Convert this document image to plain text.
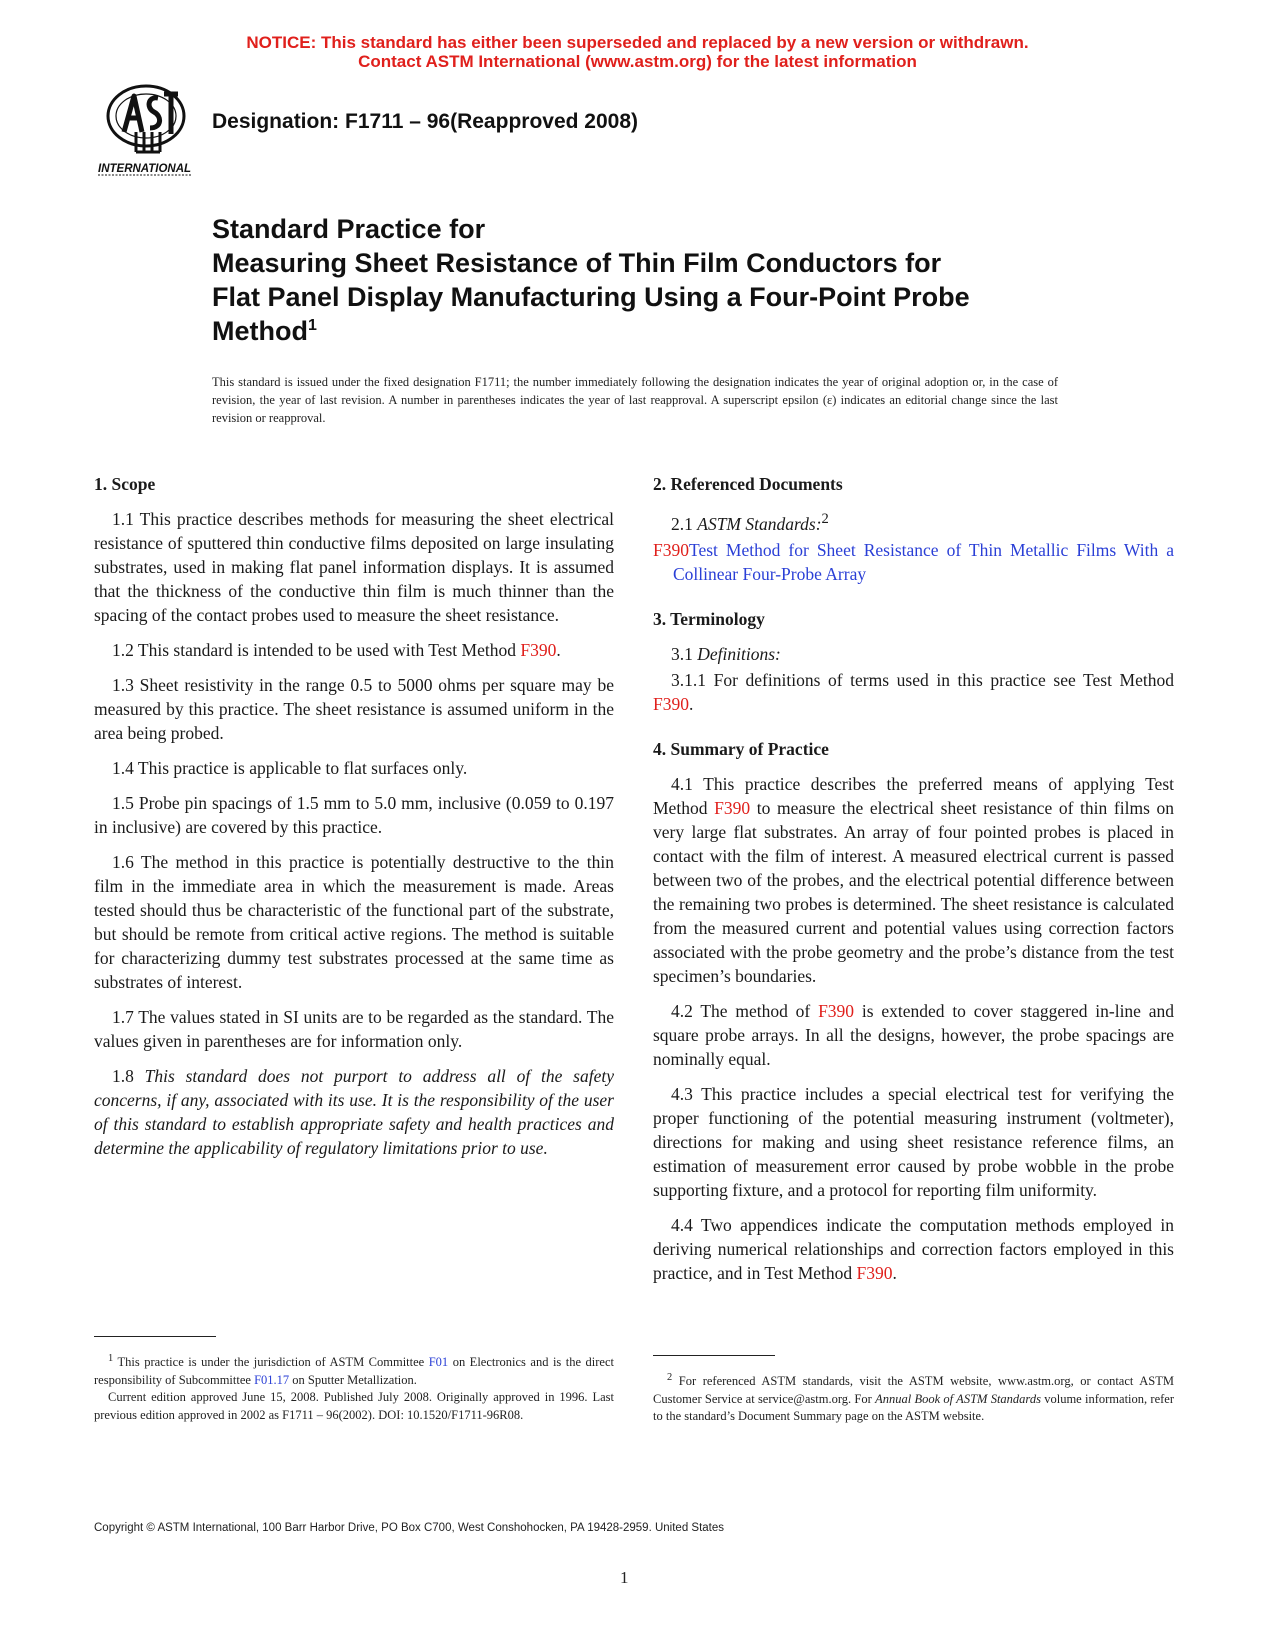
NOTICE: This standard has either been superseded and replaced by a new version or withdrawn.
Contact ASTM International (www.astm.org) for the latest information
INTERNATIONAL
Designation: F1711 – 96(Reapproved 2008)
Standard Practice for
Measuring Sheet Resistance of Thin Film Conductors for
Flat Panel Display Manufacturing Using a Four-Point Probe
Method$^1$
This standard is issued under the fixed designation F1711; the number immediately following the designation indicates the year of original adoption or, in the case of revision, the year of last revision. A number in parentheses indicates the year of last reapproval. A superscript epsilon (ε) indicates an editorial change since the last revision or reapproval.
1. Scope

1.1 This practice describes methods for measuring the sheet electrical resistance of sputtered thin conductive films deposited on large insulating substrates, used in making flat panel information displays. It is assumed that the thickness of the conductive thin film is much thinner than the spacing of the contact probes used to measure the sheet resistance.

1.2 This standard is intended to be used with Test Method F390.

1.3 Sheet resistivity in the range 0.5 to 5000 ohms per square may be measured by this practice. The sheet resistance is assumed uniform in the area being probed.

1.4 This practice is applicable to flat surfaces only.

1.5 Probe pin spacings of 1.5 mm to 5.0 mm, inclusive (0.059 to 0.197 in inclusive) are covered by this practice.

1.6 The method in this practice is potentially destructive to the thin film in the immediate area in which the measurement is made. Areas tested should thus be characteristic of the functional part of the substrate, but should be remote from critical active regions. The method is suitable for characterizing dummy test substrates processed at the same time as substrates of interest.

1.7 The values stated in SI units are to be regarded as the standard. The values given in parentheses are for information only.

1.8 This standard does not purport to address all of the safety concerns, if any, associated with its use. It is the responsibility of the user of this standard to establish appropriate safety and health practices and determine the applicability of regulatory limitations prior to use.

2. Referenced Documents

2.1 ASTM Standards:$^2$

F390Test Method for Sheet Resistance of Thin Metallic Films With a Collinear Four-Probe Array
3. Terminology

3.1 Definitions:

3.1.1 For definitions of terms used in this practice see Test Method F390.

4. Summary of Practice

4.1 This practice describes the preferred means of applying Test Method F390 to measure the electrical sheet resistance of thin films on very large flat substrates. An array of four pointed probes is placed in contact with the film of interest. A measured electrical current is passed between two of the probes, and the electrical potential difference between the remaining two probes is determined. The sheet resistance is calculated from the measured current and potential values using correction factors associated with the probe geometry and the probe’s distance from the test specimen’s boundaries.

4.2 The method of F390 is extended to cover staggered in-line and square probe arrays. In all the designs, however, the probe spacings are nominally equal.

4.3 This practice includes a special electrical test for verifying the proper functioning of the potential measuring instrument (voltmeter), directions for making and using sheet resistance reference films, an estimation of measurement error caused by probe wobble in the probe supporting fixture, and a protocol for reporting film uniformity.

4.4 Two appendices indicate the computation methods employed in deriving numerical relationships and correction factors employed in this practice, and in Test Method F390.

$^1$ This practice is under the jurisdiction of ASTM Committee F01 on Electronics and is the direct responsibility of Subcommittee F01.17 on Sputter Metallization.

Current edition approved June 15, 2008. Published July 2008. Originally approved in 1996. Last previous edition approved in 2002 as F1711 – 96(2002). DOI: 10.1520/F1711-96R08.

$^2$ For referenced ASTM standards, visit the ASTM website, www.astm.org, or contact ASTM Customer Service at service@astm.org. For Annual Book of ASTM Standards volume information, refer to the standard’s Document Summary page on the ASTM website.

Copyright © ASTM International, 100 Barr Harbor Drive, PO Box C700, West Conshohocken, PA 19428-2959. United States
1
